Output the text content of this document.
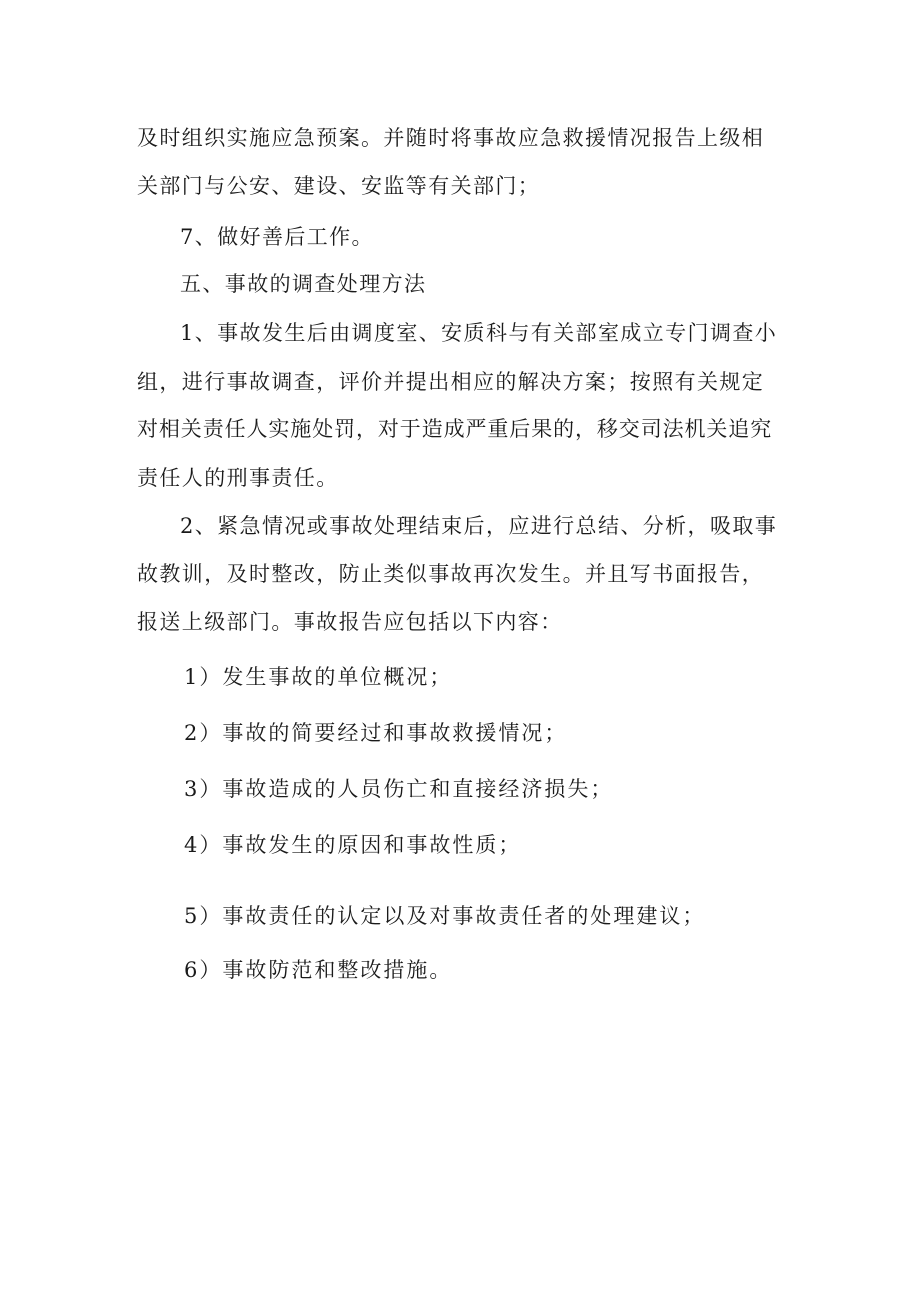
及时组织实施应急预案。并随时将事故应急救援情况报告上级相
关部门与公安、建设、安监等有关部门；
7、做好善后工作。
五、事故的调查处理方法
1、事故发生后由调度室、安质科与有关部室成立专门调查小
组，进行事故调查，评价并提出相应的解决方案；按照有关规定
对相关责任人实施处罚，对于造成严重后果的，移交司法机关追究
责任人的刑事责任。
2、紧急情况或事故处理结束后，应进行总结、分析，吸取事
故教训，及时整改，防止类似事故再次发生。并且写书面报告，
报送上级部门。事故报告应包括以下内容：
1）发生事故的单位概况；
2）事故的简要经过和事故救援情况；
3）事故造成的人员伤亡和直接经济损失；
4）事故发生的原因和事故性质；
5）事故责任的认定以及对事故责任者的处理建议；
6）事故防范和整改措施。
